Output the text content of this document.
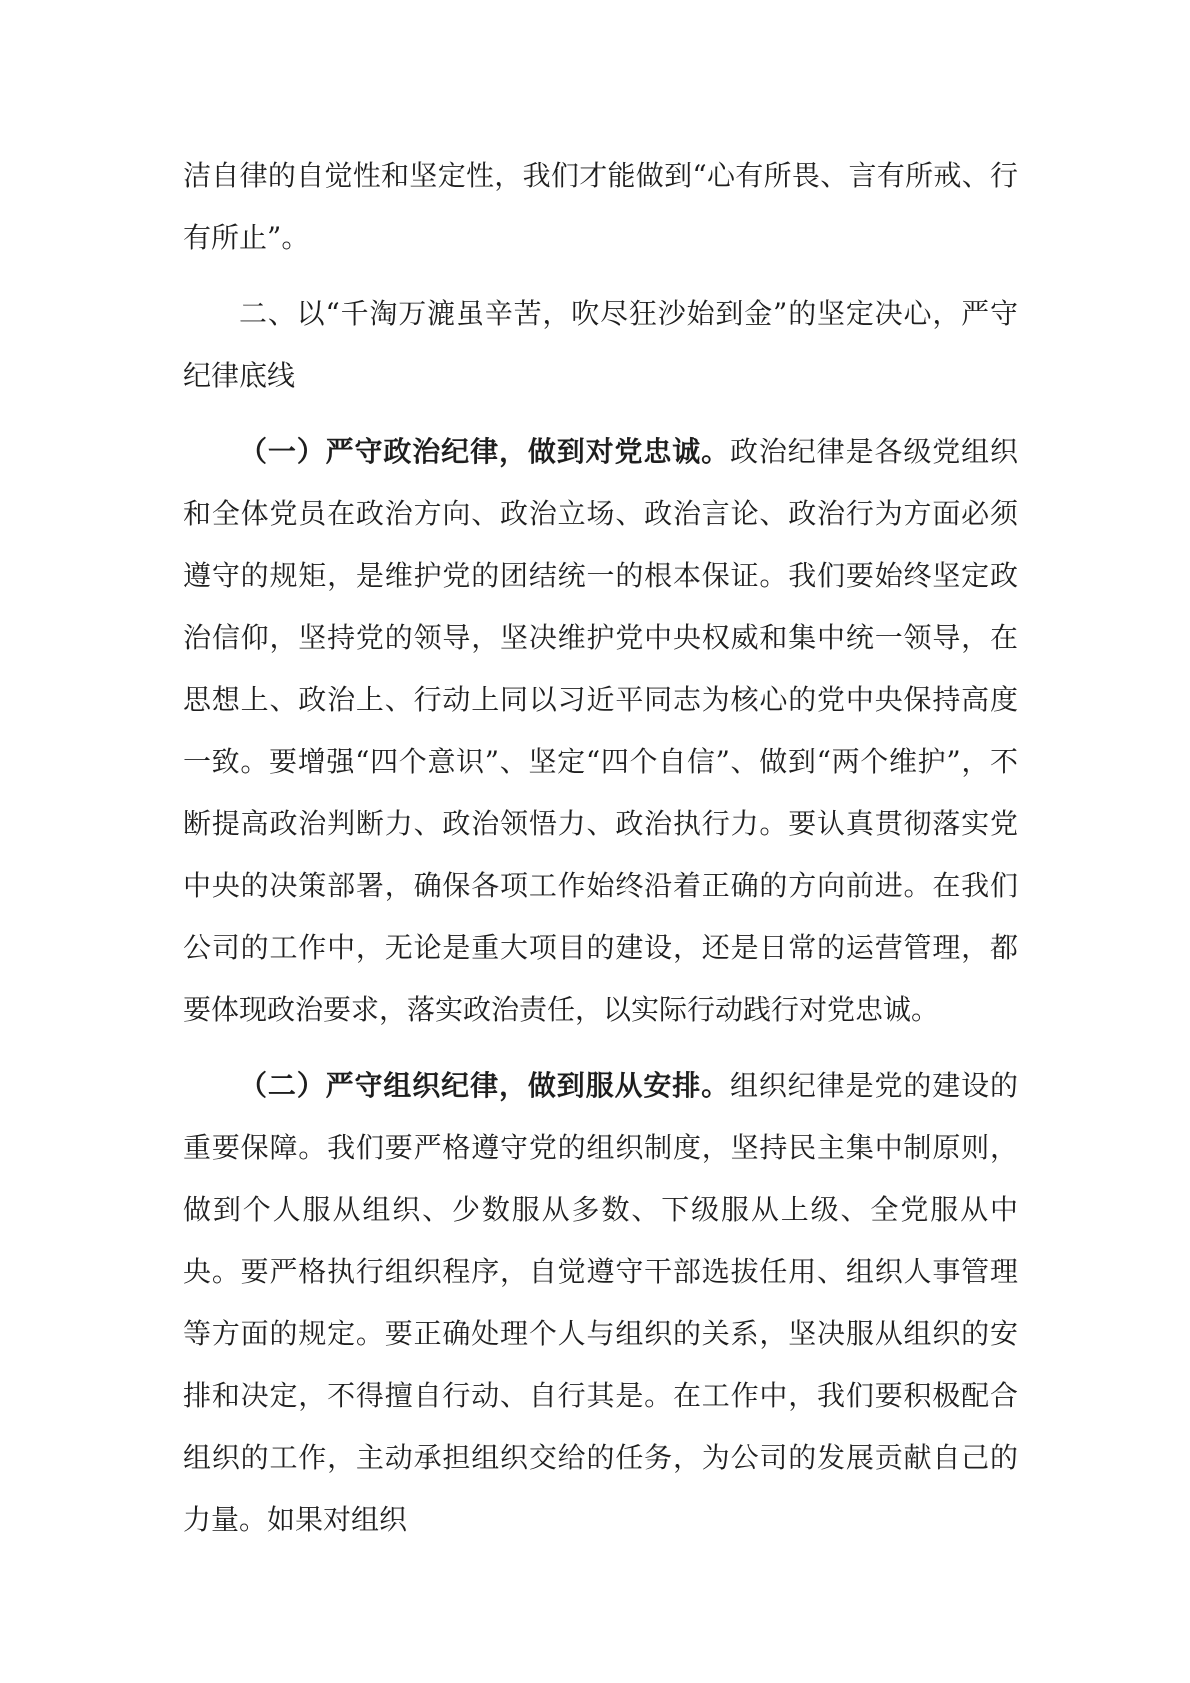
洁自律的自觉性和坚定性，我们才能做到“心有所畏、言有所戒、行有所止”。

二、以“千淘万漉虽辛苦，吹尽狂沙始到金”的坚定决心，严守纪律底线

（一）严守政治纪律，做到对党忠诚。政治纪律是各级党组织和全体党员在政治方向、政治立场、政治言论、政治行为方面必须遵守的规矩，是维护党的团结统一的根本保证。我们要始终坚定政治信仰，坚持党的领导，坚决维护党中央权威和集中统一领导，在思想上、政治上、行动上同以习近平同志为核心的党中央保持高度一致。要增强“四个意识”、坚定“四个自信”、做到“两个维护”，不断提高政治判断力、政治领悟力、政治执行力。要认真贯彻落实党中央的决策部署，确保各项工作始终沿着正确的方向前进。在我们公司的工作中，无论是重大项目的建设，还是日常的运营管理，都要体现政治要求，落实政治责任，以实际行动践行对党忠诚。

（二）严守组织纪律，做到服从安排。组织纪律是党的建设的重要保障。我们要严格遵守党的组织制度，坚持民主集中制原则，做到个人服从组织、少数服从多数、下级服从上级、全党服从中央。要严格执行组织程序，自觉遵守干部选拔任用、组织人事管理等方面的规定。要正确处理个人与组织的关系，坚决服从组织的安排和决定，不得擅自行动、自行其是。在工作中，我们要积极配合组织的工作，主动承担组织交给的任务，为公司的发展贡献自己的力量。如果对组织
